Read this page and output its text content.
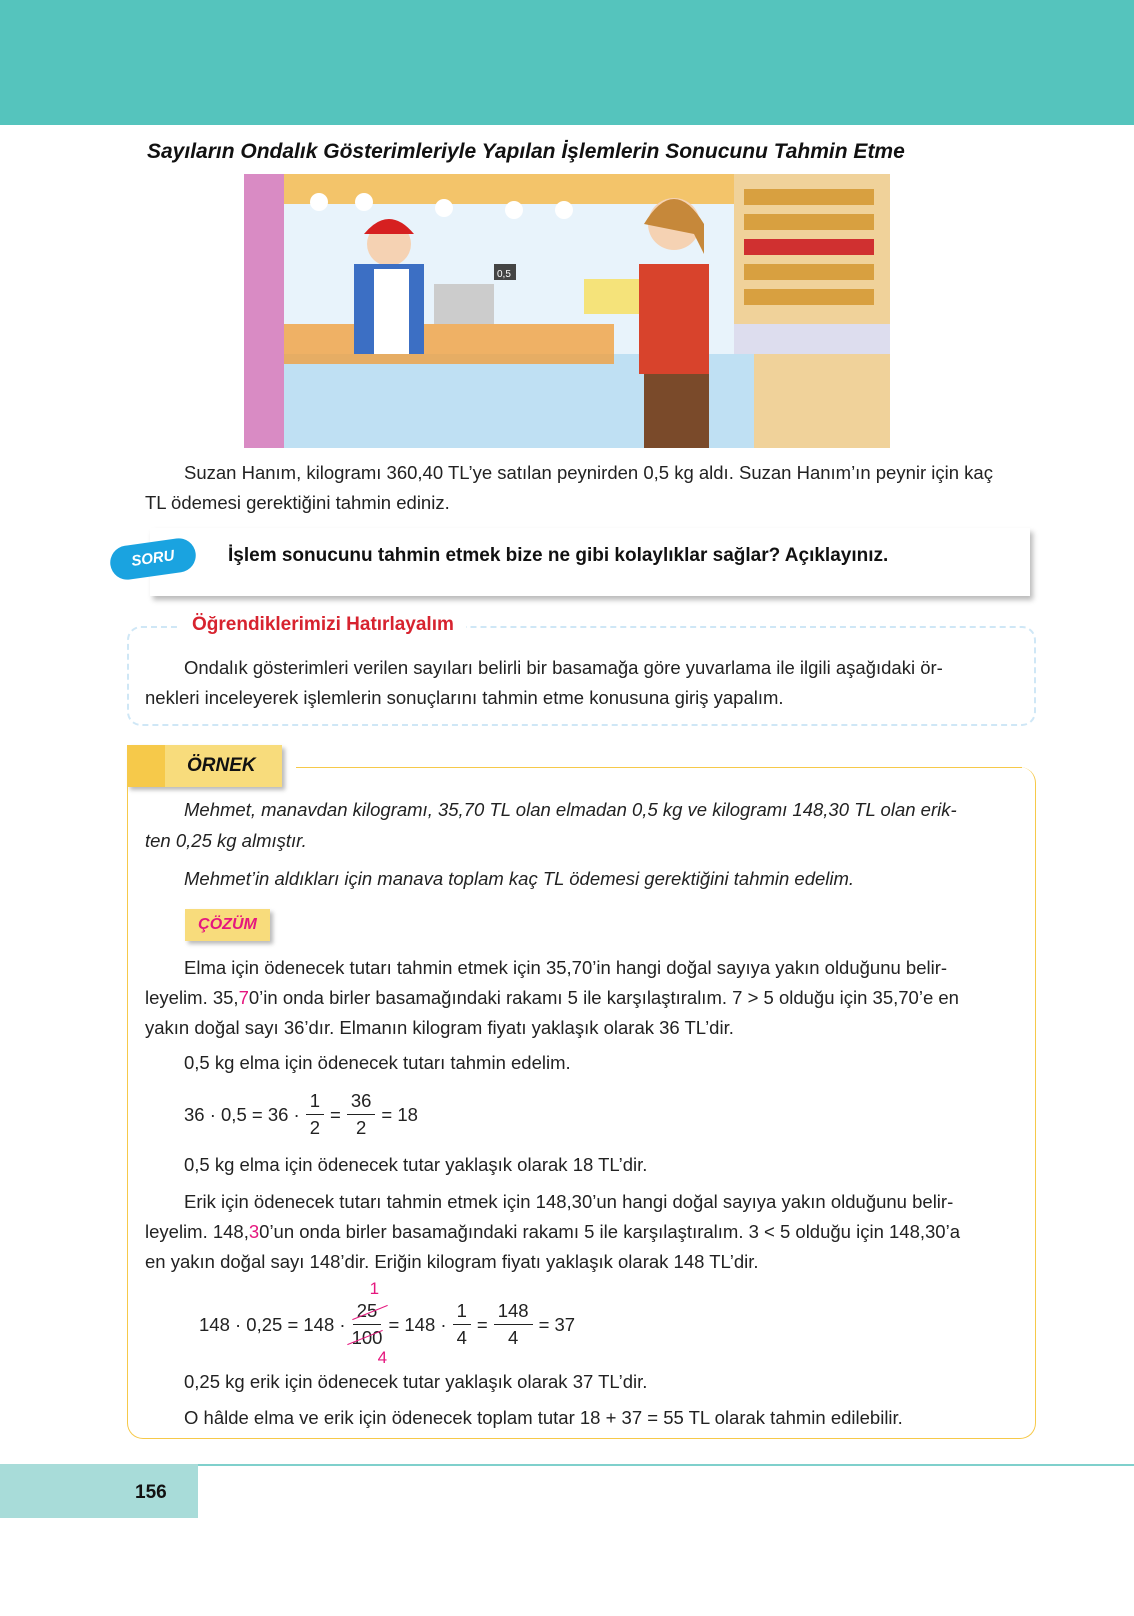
Sayıların Ondalık Gösterimleriyle Yapılan İşlemlerin Sonucunu Tahmin Etme
0,5

Suzan Hanım, kilogramı 360,40 TL’ye satılan peynirden 0,5 kg aldı. Suzan Hanım’ın peynir için kaç

TL ödemesi gerektiğini tahmin ediniz.

SORU	İşlem sonucunu tahmin etmek bize ne gibi kolaylıklar sağlar? Açıklayınız.
Öğrendiklerimizi Hatırlayalım

Ondalık gösterimleri verilen sayıları belirli bir basamağa göre yuvarlama ile ilgili aşağıdaki ör-

nekleri inceleyerek işlemlerin sonuçlarını tahmin etme konusuna giriş yapalım.

ÖRNEK

Mehmet, manavdan kilogramı, 35,70 TL olan elmadan 0,5 kg ve kilogramı 148,30 TL olan erik-

ten 0,25 kg almıştır.

Mehmet’in aldıkları için manava toplam kaç TL ödemesi gerektiğini tahmin edelim.

ÇÖZÜM

Elma için ödenecek tutarı tahmin etmek için 35,70’in hangi doğal sayıya yakın olduğunu belir-

leyelim. 35,70’in onda birler basamağındaki rakamı 5 ile karşılaştıralım. 7 > 5 olduğu için 35,70’e en

yakın doğal sayı 36’dır. Elmanın kilogram fiyatı yaklaşık olarak 36 TL’dir.

0,5 kg elma için ödenecek tutarı tahmin edelim.

$36 \cdot 0,5 = 36 \cdot \frac{1}{2} = \frac{36}{2} = 18$

0,5 kg elma için ödenecek tutar yaklaşık olarak 18 TL’dir.

Erik için ödenecek tutarı tahmin etmek için 148,30’un hangi doğal sayıya yakın olduğunu belir-

leyelim. 148,30’un onda birler basamağındaki rakamı 5 ile karşılaştıralım. 3 < 5 olduğu için 148,30’a

en yakın doğal sayı 148’dir. Eriğin kilogram fiyatı yaklaşık olarak 148 TL’dir.

148 · 0,25 = 148 ·
1
25
100
4
= $148 \cdot \frac{1}{4} = \frac{148}{4} = 37$

0,25 kg erik için ödenecek tutar yaklaşık olarak 37 TL’dir.

O hâlde elma ve erik için ödenecek toplam tutar 18 + 37 = 55 TL olarak tahmin edilebilir.

156
